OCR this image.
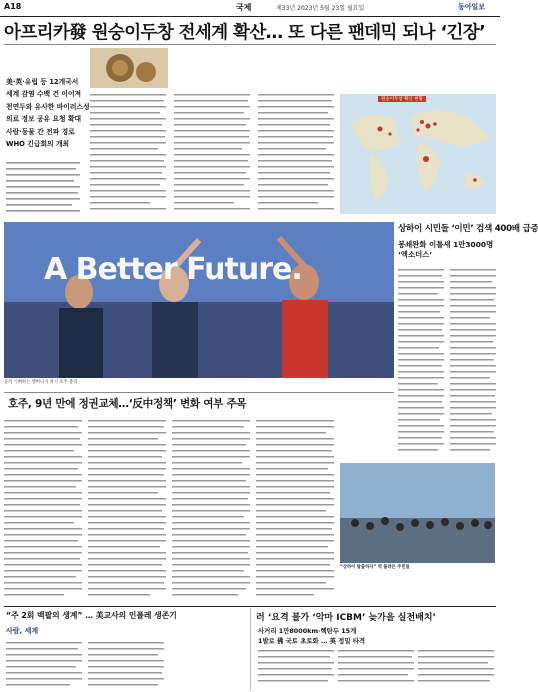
A18	국제	제33년 2023년 5월 23일 월요일	동아일보
아프리카發 원숭이두창 전세계 확산… 또 다른 팬데믹 되나 ‘긴장’
美·英·유럽 등 12개국서
세계 감염 수백 건 이어져
천연두와 유사한 바이러스성
의료 정보 공유 요청 확대
사람·동물 간 전파 경로
WHO 긴급회의 개최
원숭이두창 확산 현황
A Better Future.
승리 기뻐하는 앨버니지 차기 호주 총리
상하이 시민들 ‘이민’ 검색 400배 급증
봉쇄완화 이틀새 1만3000명 ‘엑소더스’
호주, 9년 만에 정권교체…‘反中정책’ 변화 여부 주목
“상하이 탈출하자” 역 몰려든 주민들
“주 2회 백팔의 생계” … 美교사의 인플레 생존기
사람, 세계
러 ‘요격 불가 ‘악마 ICBM’ 늦가을 실전배치’
사거리 1만8000km·핵탄두 15개
1발로 佛 국토 초토화 … 英 정밀 타격
